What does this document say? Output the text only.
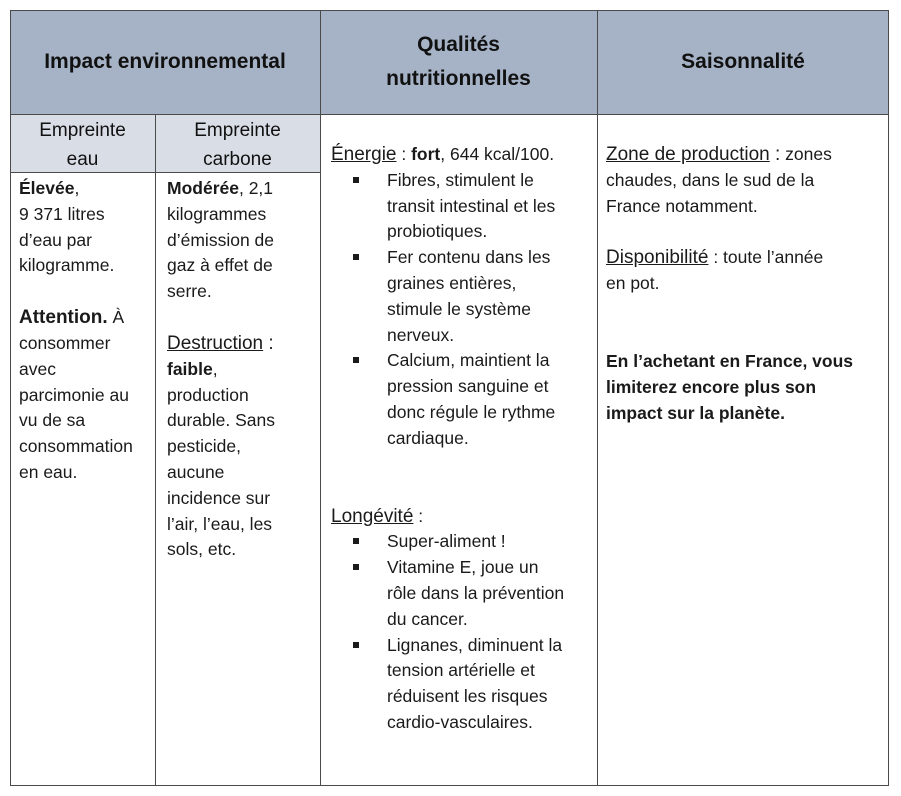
Impact environnemental
Qualités
nutritionnelles
Saisonnalité
Empreinte
eau
Empreinte
carbone

Élevée,

9 371 litres

d’eau par

kilogramme.

Attention. À

consommer

avec

parcimonie au

vu de sa

consommation

en eau.

Modérée, 2,1

kilogrammes

d’émission de

gaz à effet de

serre.

Destruction :

faible,

production

durable. Sans

pesticide,

aucune

incidence sur

l’air, l’eau, les

sols, etc.

Énergie : fort, 644 kcal/100.

Fibres, stimulent le
transit intestinal et les
probiotiques.
Fer contenu dans les
graines entières,
stimule le système
nerveux.
Calcium, maintient la
pression sanguine et
donc régule le rythme
cardiaque.

Longévité :

Super-aliment !
Vitamine E, joue un
rôle dans la prévention
du cancer.
Lignanes, diminuent la
tension artérielle et
réduisent les risques
cardio-vasculaires.

Zone de production : zones

chaudes, dans le sud de la

France notamment.

Disponibilité : toute l’année

en pot.

En l’achetant en France, vous

limiterez encore plus son

impact sur la planète.
